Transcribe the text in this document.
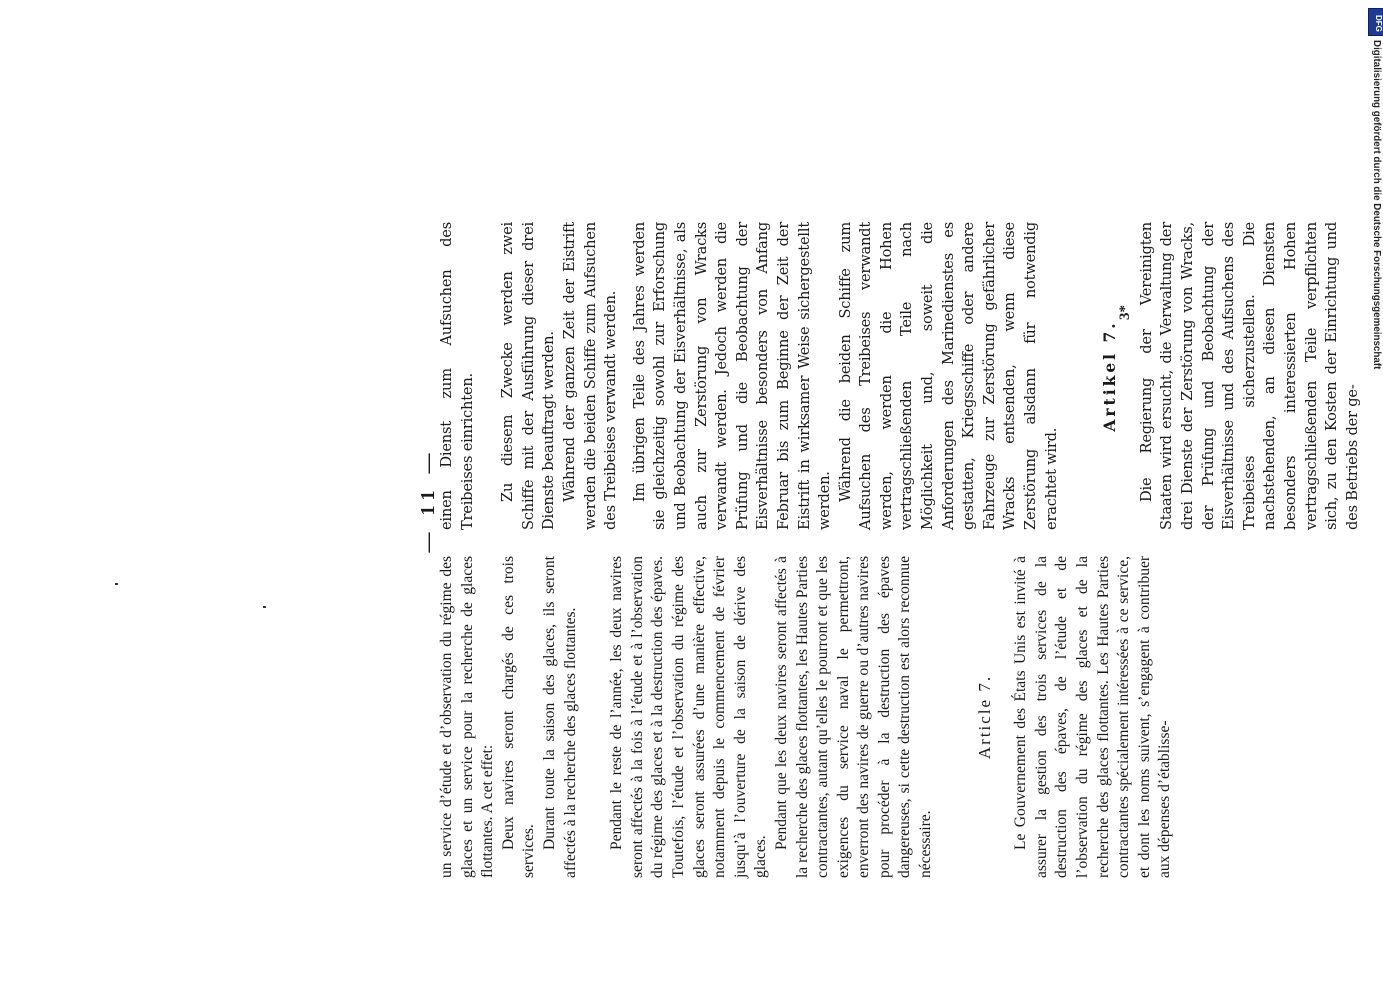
— 11 —

un service d’étude et d’observation du régime des glaces et un service pour la recherche de glaces flottantes. A cet effet: Deux navires seront chargés de ces trois services.

Durant toute la saison des glaces, ils seront affectés à la recherche des glaces flottantes. Pendant le reste de l’année, les deux navires seront affectés à la fois à l’étude et à l’observation du régime des glaces et à la destruction des épaves. Toutefois, l’étude et l’observation du régime des glaces seront assurées d’une manière effective, notamment depuis le commencement de février jusqu’à l’ouverture de la saison de dérive des glaces.

Pendant que les deux navires seront affectés à la recherche des glaces flottantes, les Hautes Parties contractantes, autant qu’elles le pourront et que les exigences du service naval le permettront, enverront des navires de guerre ou d’autres navires pour procéder à la destruction des épaves dangereuses, si cette destruction est alors reconnue nécessaire.

Article 7. Le Gouvernement des États Unis est invité à assurer la gestion des trois services de la destruction des épaves, de l’étude et de l’observation du régime des glaces et de la recherche des glaces flottantes. Les Hautes Parties contractantes spécialement intéressées à ce service, et dont les noms suivent, s’engagent à contribuer aux dépenses d’établisse-

einen Dienst zum Aufsuchen des Treibeises einrichten. Zu diesem Zwecke werden zwei Schiffe mit der Ausführung dieser drei Dienste beauftragt werden. Während der ganzen Zeit der Eistrift werden die beiden Schiffe zum Aufsuchen des Treibeises verwandt werden. Im übrigen Teile des Jahres werden sie gleichzeitig sowohl zur Erforschung und Beobachtung der Eisverhältnisse, als auch zur Zerstörung von Wracks verwandt werden. Jedoch werden die Prüfung und die Beobachtung der Eisverhältnisse besonders von Anfang Februar bis zum Beginne der Zeit der Eistrift in wirksamer Weise sichergestellt werden. Während die beiden Schiffe zum Aufsuchen des Treibeises verwandt werden, werden die Hohen vertragschließenden Teile nach Möglichkeit und, soweit die Anforderungen des Marinedienstes es gestatten, Kriegsschiffe oder andere Fahrzeuge zur Zerstörung gefährlicher Wracks entsenden, wenn diese Zerstörung alsdann für notwendig erachtet wird.

Artikel 7. Die Regierung der Vereinigten Staaten wird ersucht, die Verwaltung der drei Dienste der Zerstörung von Wracks, der Prüfung und Beobachtung der Eisverhältnisse und des Aufsuchens des Treibeises sicherzustellen. Die nachstehenden, an diesen Diensten besonders interessierten Hohen vertragschließenden Teile verpflichten sich, zu den Kosten der Einrichtung und des Betriebs der ge-

3*
DFG
Digitalisierung gefördert durch die Deutsche Forschungsgemeinschaft
